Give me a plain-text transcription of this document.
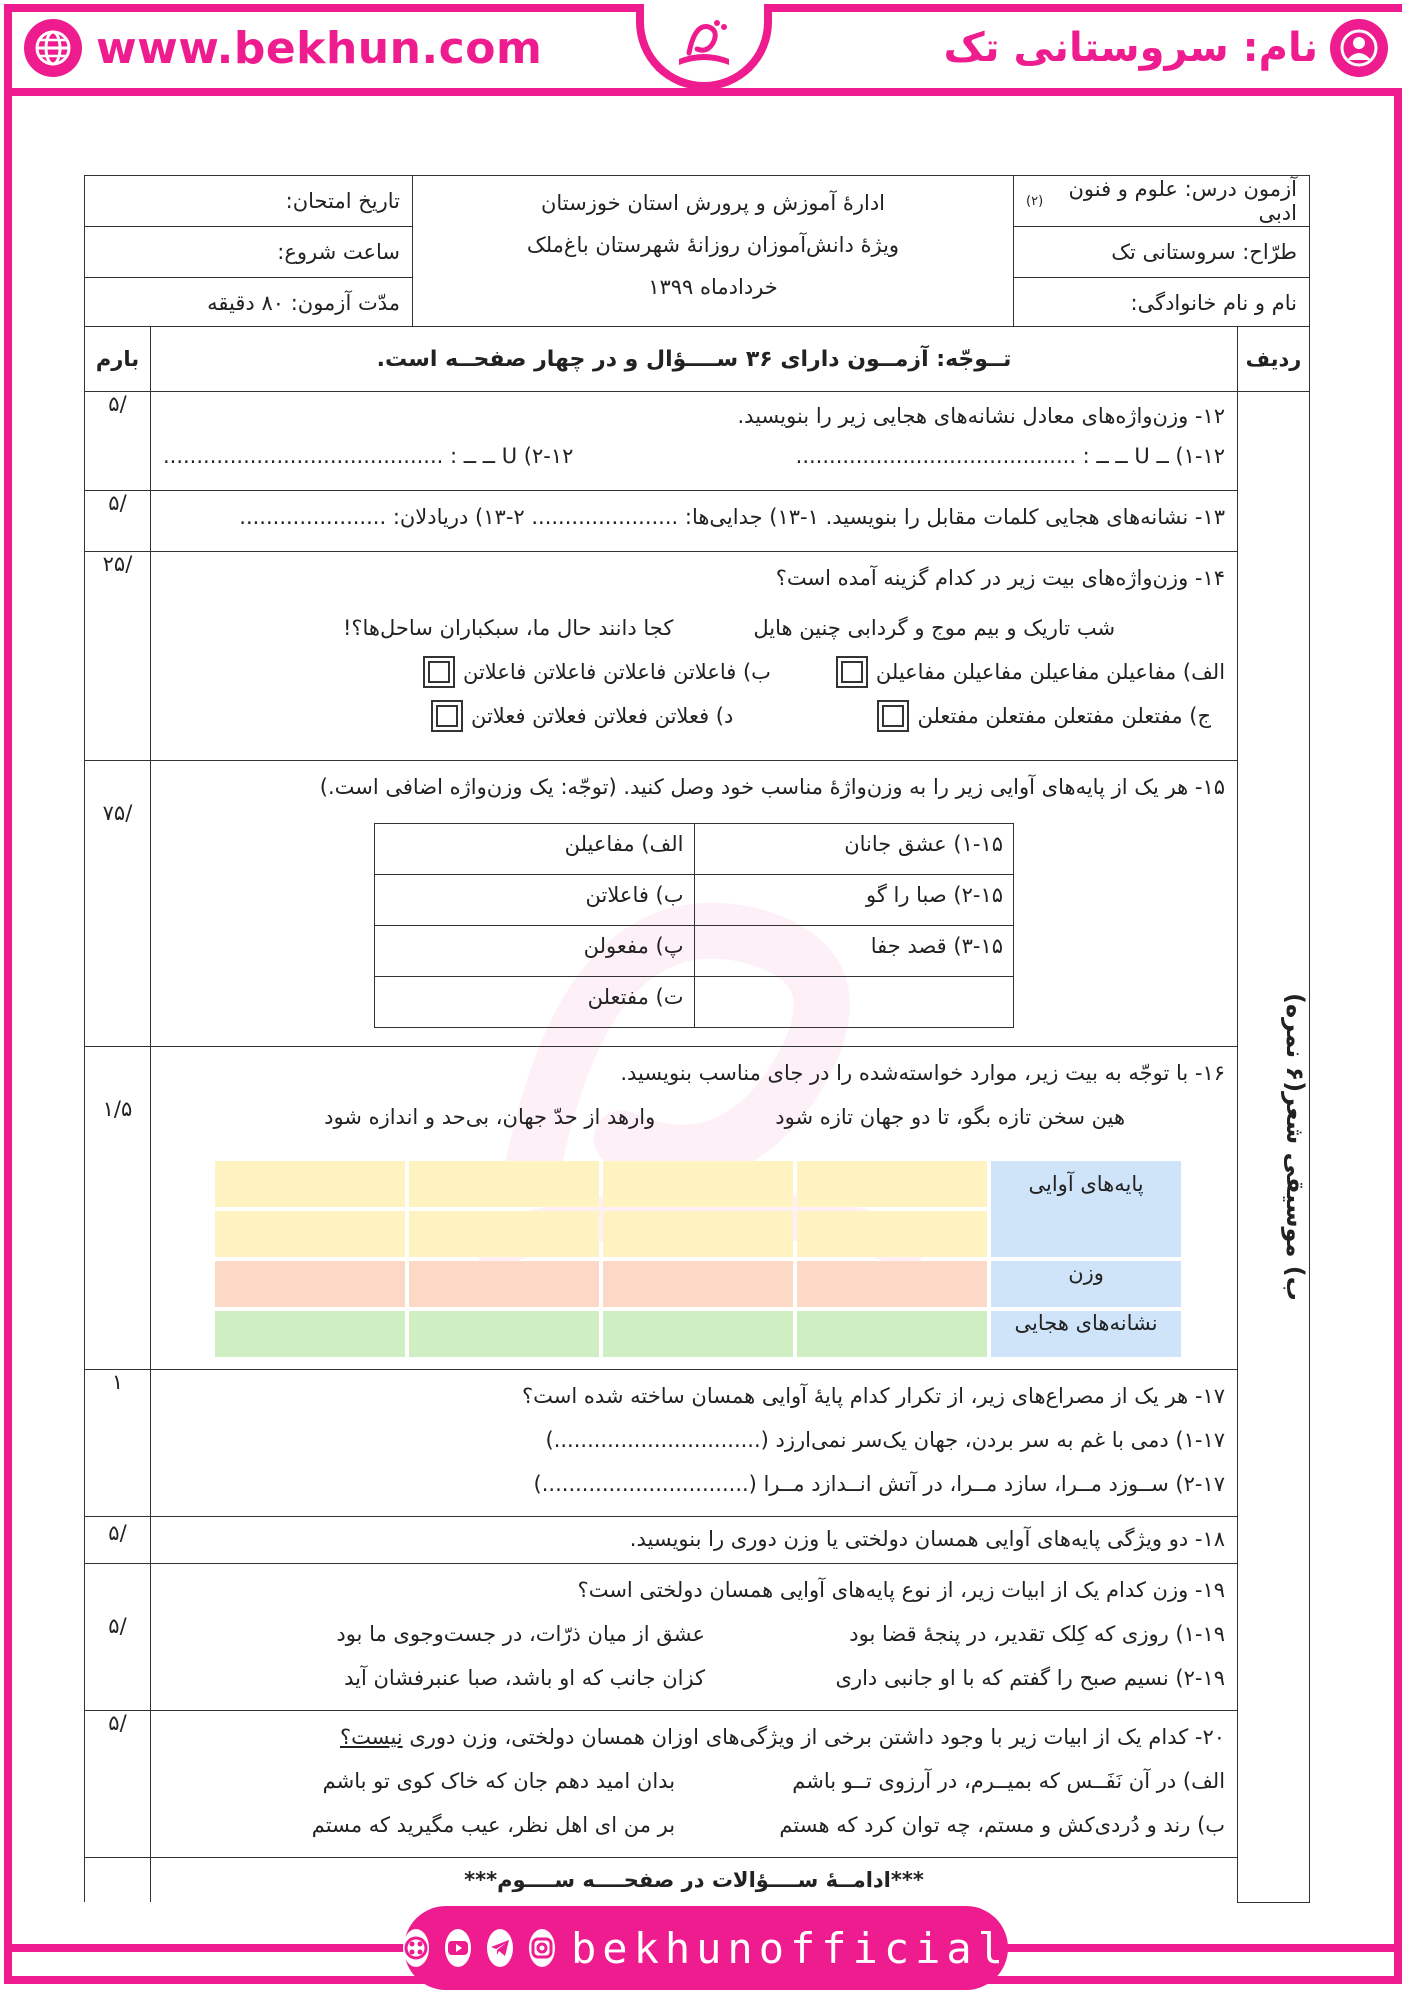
www.bekhun.com	نام: سروستانی تک
آزمون درس: علوم و فنون ادبی
(۲)
طرّاح: سروستانی تک
نام و نام خانوادگی:
ادارهٔ آموزش و پرورش استان خوزستان
ویژهٔ دانش‌آموزان روزانهٔ شهرستان باغ‌ملک
خردادماه ۱۳۹۹
تاریخ امتحان:
ساعت شروع:
مدّت آزمون: ۸۰ دقیقه

ردیف	تــوجّه: آزمــون دارای ۳۶ ســــؤال و در چهار صفحــه است.	بارم

ب) موسیقی شعر(۶ نمره)

۱۲- وزن‌واژه‌های معادل نشانه‌های هجایی زیر را بنویسید.
۱-۱۲) ــ U ــ ــ : ..........................................
۲-۱۲) U ــ ــ : ..........................................
	/۵

۱۳- نشانه‌های هجایی کلمات مقابل را بنویسید. ۱-۱۳) جدایی‌ها: ...................... ۲-۱۳) دریادلان: ......................
	/۵

۱۴- وزن‌واژه‌های بیت زیر در کدام گزینه آمده است؟
شب تاریک و بیم موج و گردابی چنین هایل
کجا دانند حال ما، سبکباران ساحل‌ها؟!
الف) مفاعیلن مفاعیلن مفاعیلن مفاعیلن
ب) فاعلاتن فاعلاتن فاعلاتن فاعلاتن
ج) مفتعلن مفتعلن مفتعلن مفتعلن
د) فعلاتن فعلاتن فعلاتن فعلاتن
	/۲۵

۱۵- هر یک از پایه‌های آوایی زیر را به وزن‌واژهٔ مناسب خود وصل کنید. (توجّه: یک وزن‌واژه اضافی است.)
۱-۱۵) عشق جانان	الف) مفاعیلن
۲-۱۵) صبا را گو	ب) فاعلاتن
۳-۱۵) قصد جفا	پ) مفعولن
	ت) مفتعلن
	/۷۵

۱۶- با توجّه به بیت زیر، موارد خواسته‌شده را در جای مناسب بنویسید.
هین سخن تازه بگو، تا دو جهان تازه شود
وارهد از حدّ جهان، بی‌حد و اندازه شود
پایه‌های آوایی				

وزن				
نشانه‌های هجایی				
	۱/۵

۱۷- هر یک از مصراع‌های زیر، از تکرار کدام پایهٔ آوایی همسان ساخته شده است؟
۱-۱۷) دمی با غم به سر بردن، جهان یک‌سر نمی‌ارزد (...............................)
۲-۱۷) ســوزد مــرا، سازد مــرا، در آتش انــدازد مــرا (...............................)
	۱

۱۸- دو ویژگی پایه‌های آوایی همسان دولختی یا وزن دوری را بنویسید.
	/۵

۱۹- وزن کدام یک از ابیات زیر، از نوع پایه‌های آوایی همسان دولختی است؟
۱-۱۹) روزی که کِلک تقدیر، در پنجهٔ قضا بود
عشق از میان ذرّات، در جست‌وجوی ما بود
۲-۱۹) نسیم صبح را گفتم که با او جانبی داری
کزان جانب که او باشد، صبا عنبرفشان آید
	/۵

۲۰- کدام یک از ابیات زیر با وجود داشتن برخی از ویژگی‌های اوزان همسان دولختی، وزن دوری نیست؟
الف) در آن نَفَــس که بمیــرم، در آرزوی تــو باشم
بدان امید دهم جان که خاک کوی تو باشم
ب) رند و دُردی‌کش و مستم، چه توان کرد که هستم
بر من ای اهل نظر، عیب مگیرید که مستم
	/۵
***ادامــهٔ ســــؤالات در صفحــــه ســــوم***	
bekhunofficial
